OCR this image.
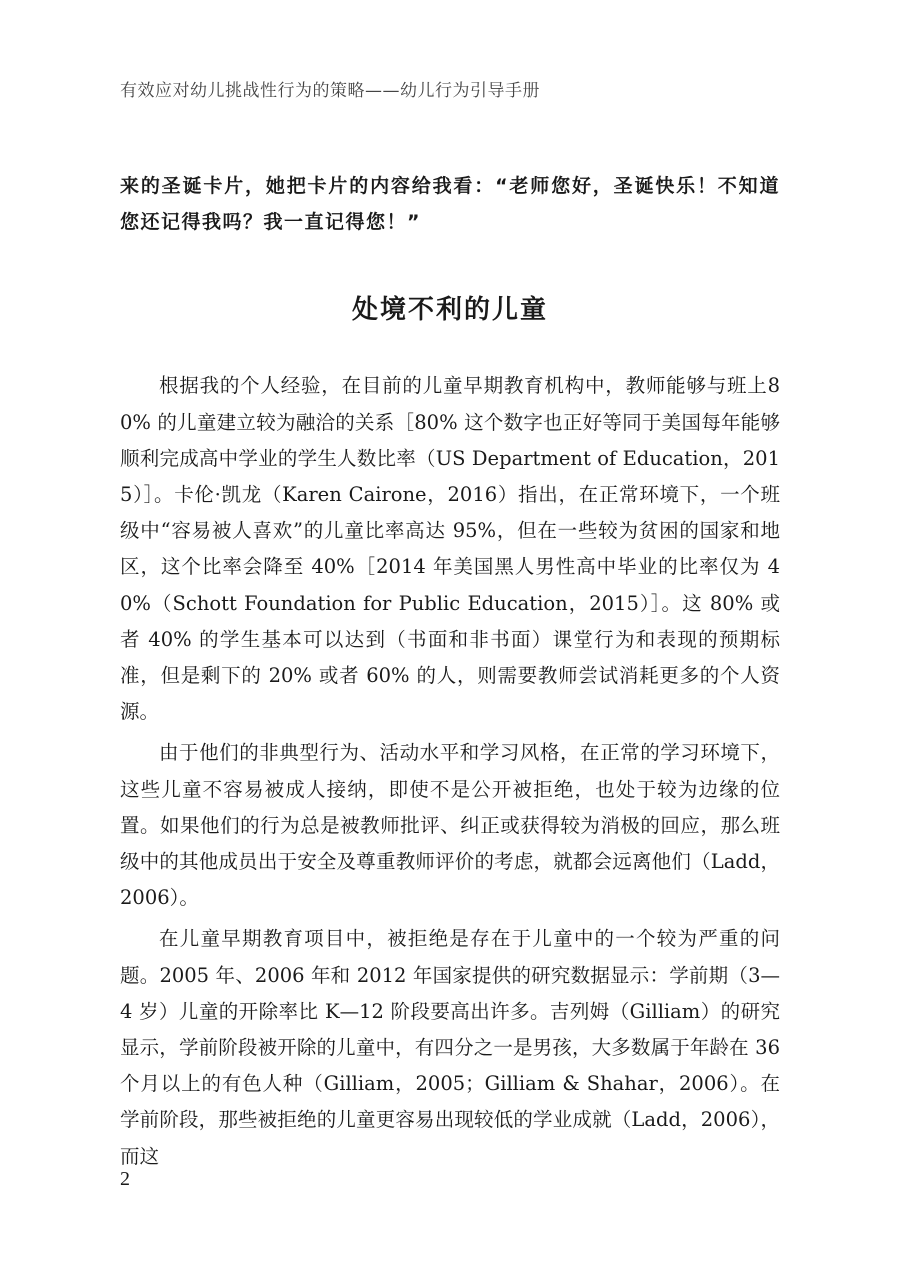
有效应对幼儿挑战性行为的策略——幼儿行为引导手册

来的圣诞卡片，她把卡片的内容给我看：“老师您好，圣诞快乐！不知道您还记得我吗？我一直记得您！”

处境不利的儿童

根据我的个人经验，在目前的儿童早期教育机构中，教师能够与班上80% 的儿童建立较为融洽的关系［80% 这个数字也正好等同于美国每年能够顺利完成高中学业的学生人数比率（US Department of Education，2015）］。卡伦·凯龙（Karen Cairone，2016）指出，在正常环境下，一个班级中“容易被人喜欢”的儿童比率高达 95%，但在一些较为贫困的国家和地区，这个比率会降至 40%［2014 年美国黑人男性高中毕业的比率仅为 40%（Schott Foundation for Public Education，2015）］。这 80% 或者 40% 的学生基本可以达到（书面和非书面）课堂行为和表现的预期标准，但是剩下的 20% 或者 60% 的人，则需要教师尝试消耗更多的个人资源。

由于他们的非典型行为、活动水平和学习风格，在正常的学习环境下，这些儿童不容易被成人接纳，即使不是公开被拒绝，也处于较为边缘的位置。如果他们的行为总是被教师批评、纠正或获得较为消极的回应，那么班级中的其他成员出于安全及尊重教师评价的考虑，就都会远离他们（Ladd，2006）。

在儿童早期教育项目中，被拒绝是存在于儿童中的一个较为严重的问题。2005 年、2006 年和 2012 年国家提供的研究数据显示：学前期（3—4 岁）儿童的开除率比 K—12 阶段要高出许多。吉列姆（Gilliam）的研究显示，学前阶段被开除的儿童中，有四分之一是男孩，大多数属于年龄在 36 个月以上的有色人种（Gilliam，2005；Gilliam & Shahar，2006）。在学前阶段，那些被拒绝的儿童更容易出现较低的学业成就（Ladd，2006），而这

2
